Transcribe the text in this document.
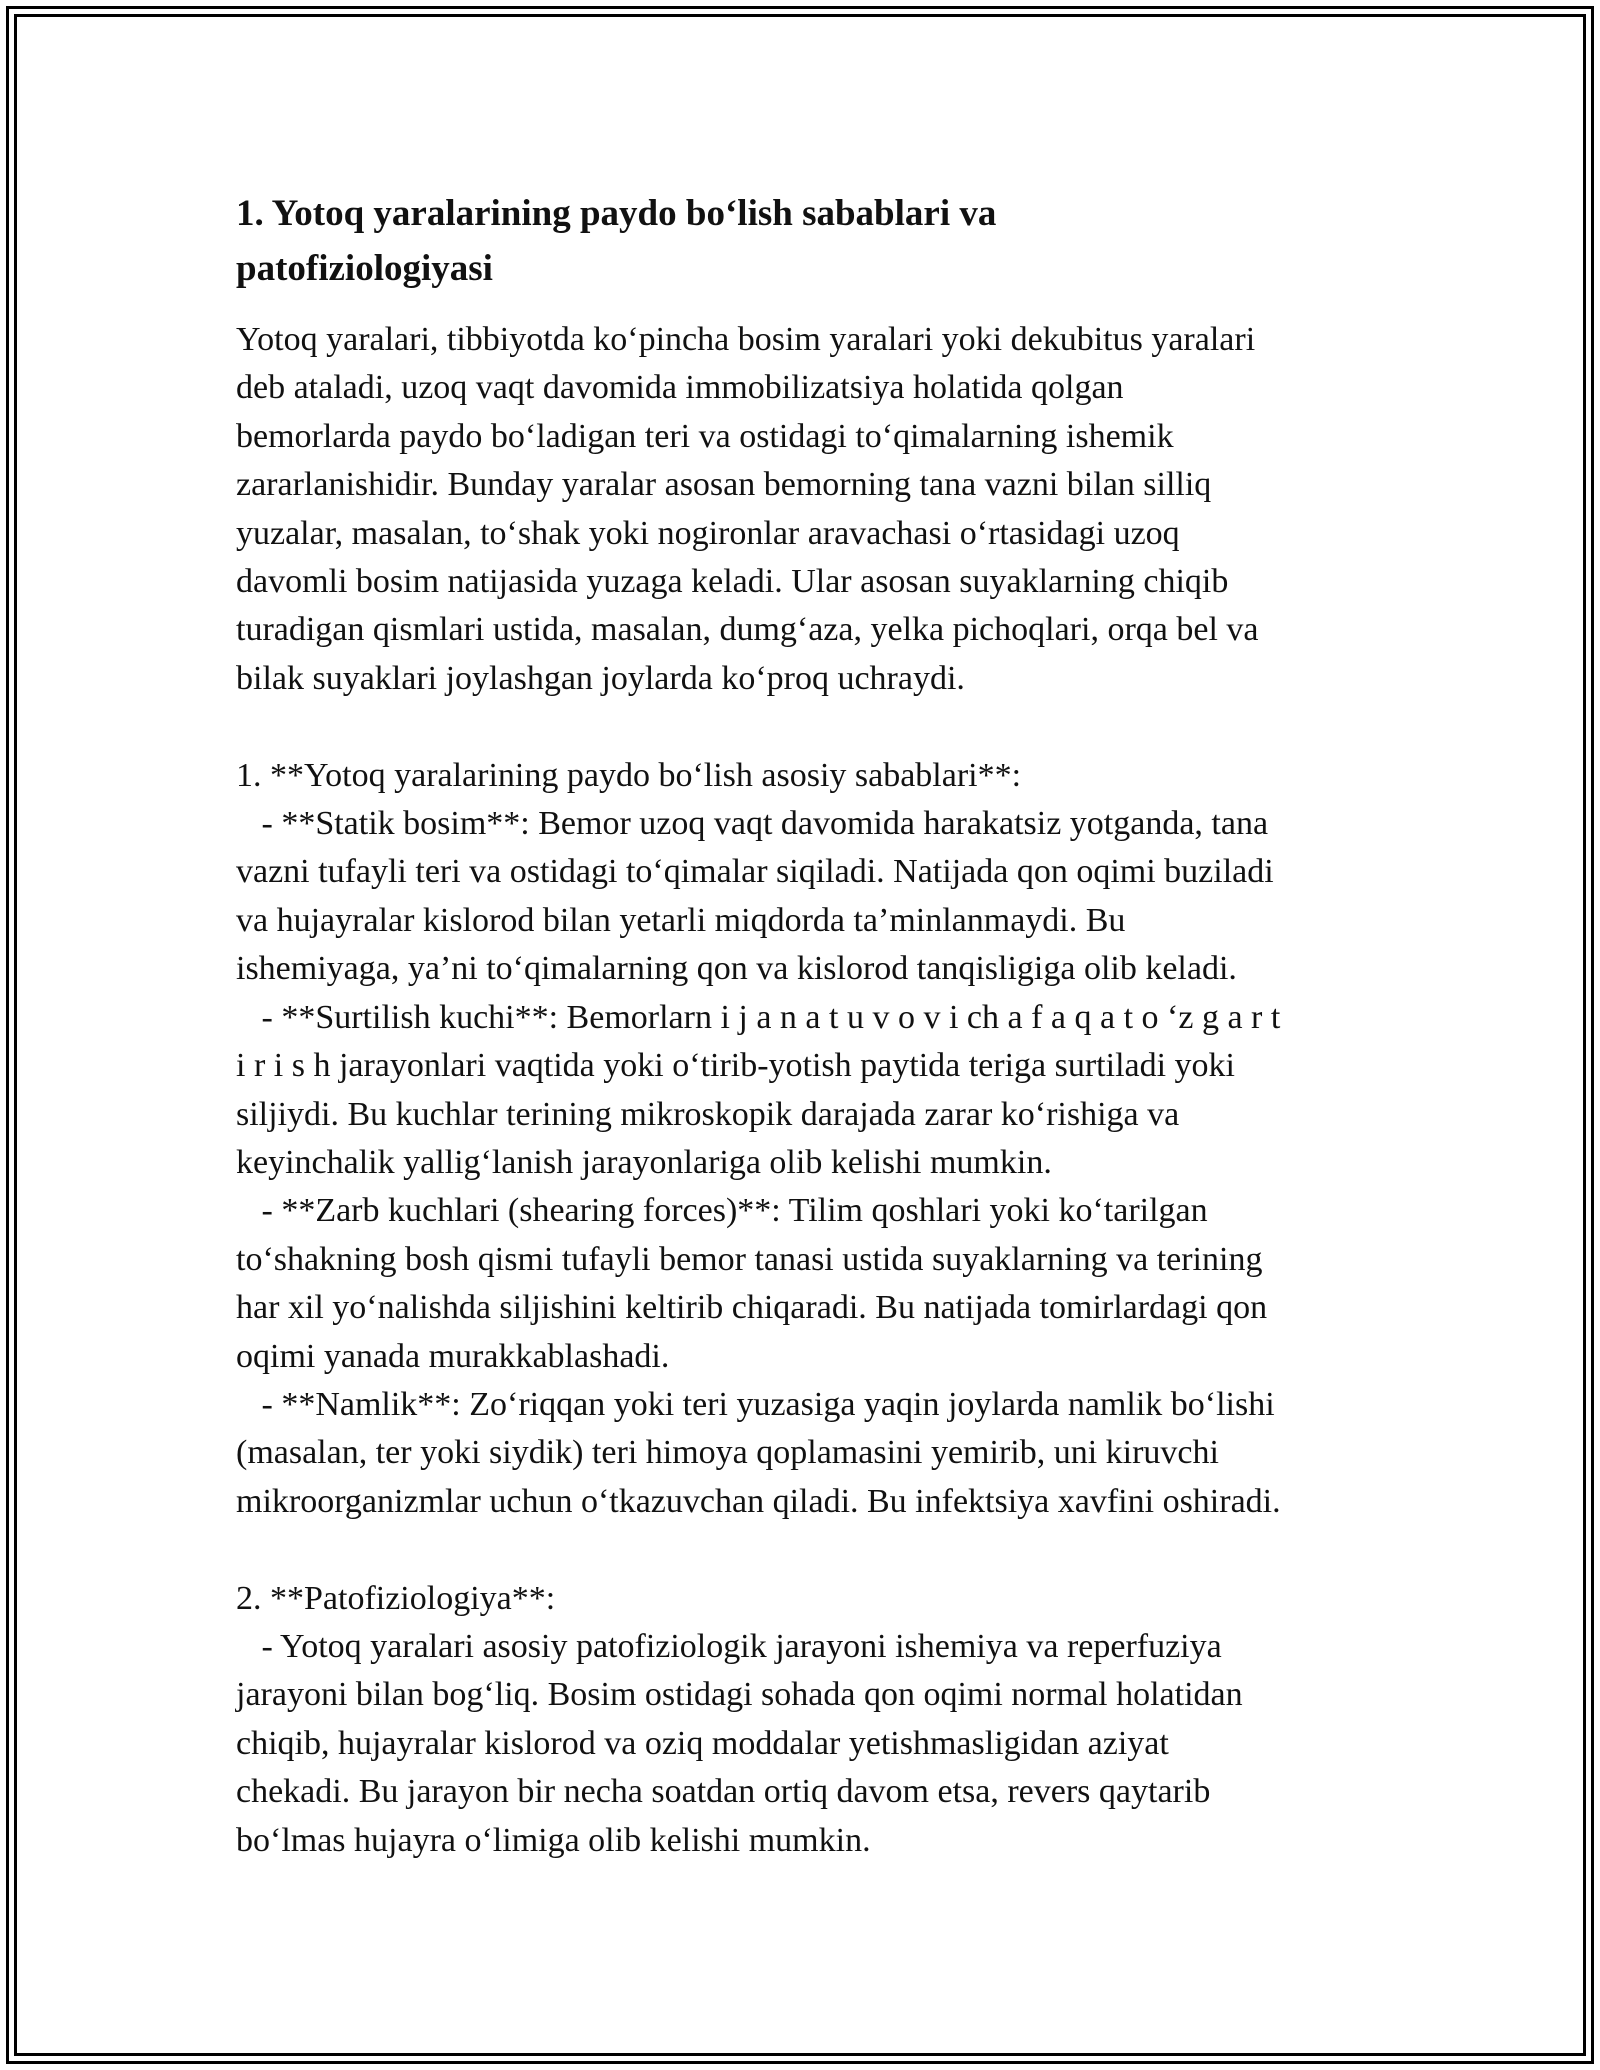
1. Yotoq yaralarining paydo bo‘lish sabablari va
patofiziologiyasi

Yotoq yaralari, tibbiyotda ko‘pincha bosim yaralari yoki dekubitus yaralari
deb ataladi, uzoq vaqt davomida immobilizatsiya holatida qolgan
bemorlarda paydo bo‘ladigan teri va ostidagi to‘qimalarning ishemik
zararlanishidir. Bunday yaralar asosan bemorning tana vazni bilan silliq
yuzalar, masalan, to‘shak yoki nogironlar aravachasi o‘rtasidagi uzoq
davomli bosim natijasida yuzaga keladi. Ular asosan suyaklarning chiqib
turadigan qismlari ustida, masalan, dumg‘aza, yelka pichoqlari, orqa bel va
bilak suyaklari joylashgan joylarda ko‘proq uchraydi.

1. **Yotoq yaralarining paydo bo‘lish asosiy sabablari**:
- **Statik bosim**: Bemor uzoq vaqt davomida harakatsiz yotganda, tana
vazni tufayli teri va ostidagi to‘qimalar siqiladi. Natijada qon oqimi buziladi
va hujayralar kislorod bilan yetarli miqdorda ta’minlanmaydi. Bu
ishemiyaga, ya’ni to‘qimalarning qon va kislorod tanqisligiga olib keladi.
- **Surtilish kuchi**: Bemorlarn i j a n a t u v o v i ch a f a q a t o ‘z g a r t
i r i s h jarayonlari vaqtida yoki o‘tirib-yotish paytida teriga surtiladi yoki
siljiydi. Bu kuchlar terining mikroskopik darajada zarar ko‘rishiga va
keyinchalik yallig‘lanish jarayonlariga olib kelishi mumkin.
- **Zarb kuchlari (shearing forces)**: Tilim qoshlari yoki ko‘tarilgan
to‘shakning bosh qismi tufayli bemor tanasi ustida suyaklarning va terining
har xil yo‘nalishda siljishini keltirib chiqaradi. Bu natijada tomirlardagi qon
oqimi yanada murakkablashadi.
- **Namlik**: Zo‘riqqan yoki teri yuzasiga yaqin joylarda namlik bo‘lishi
(masalan, ter yoki siydik) teri himoya qoplamasini yemirib, uni kiruvchi
mikroorganizmlar uchun o‘tkazuvchan qiladi. Bu infektsiya xavfini oshiradi.

2. **Patofiziologiya**:
- Yotoq yaralari asosiy patofiziologik jarayoni ishemiya va reperfuziya
jarayoni bilan bog‘liq. Bosim ostidagi sohada qon oqimi normal holatidan
chiqib, hujayralar kislorod va oziq moddalar yetishmasligidan aziyat
chekadi. Bu jarayon bir necha soatdan ortiq davom etsa, revers qaytarib
bo‘lmas hujayra o‘limiga olib kelishi mumkin.
